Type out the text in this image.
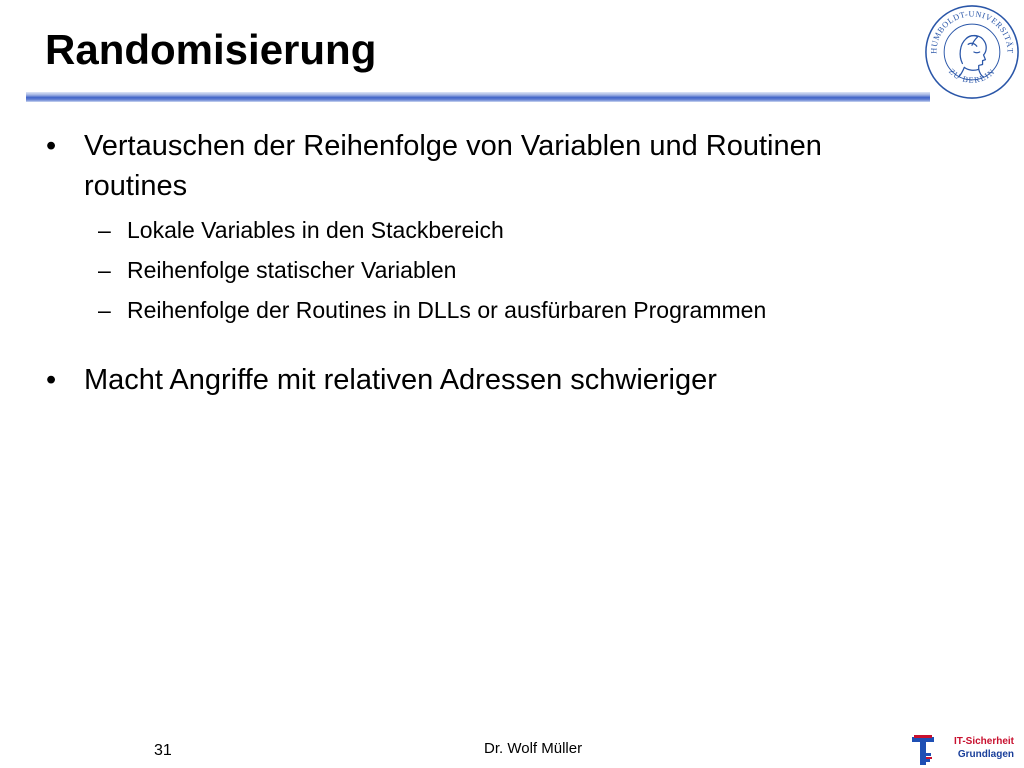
Randomisierung	HUMBOLDT-UNIVERSITÄT
ZU BERLIN
• Vertauschen der Reihenfolge von Variablen und Routinen
routines
– Lokale Variables in den Stackbereich
– Reihenfolge statischer Variablen
– Reihenfolge der Routines in DLLs or ausfürbaren Programmen
• Macht Angriffe mit relativen Adressen schwieriger
31	Dr. Wolf Müller	IT-Sicherheit
Grundlagen
